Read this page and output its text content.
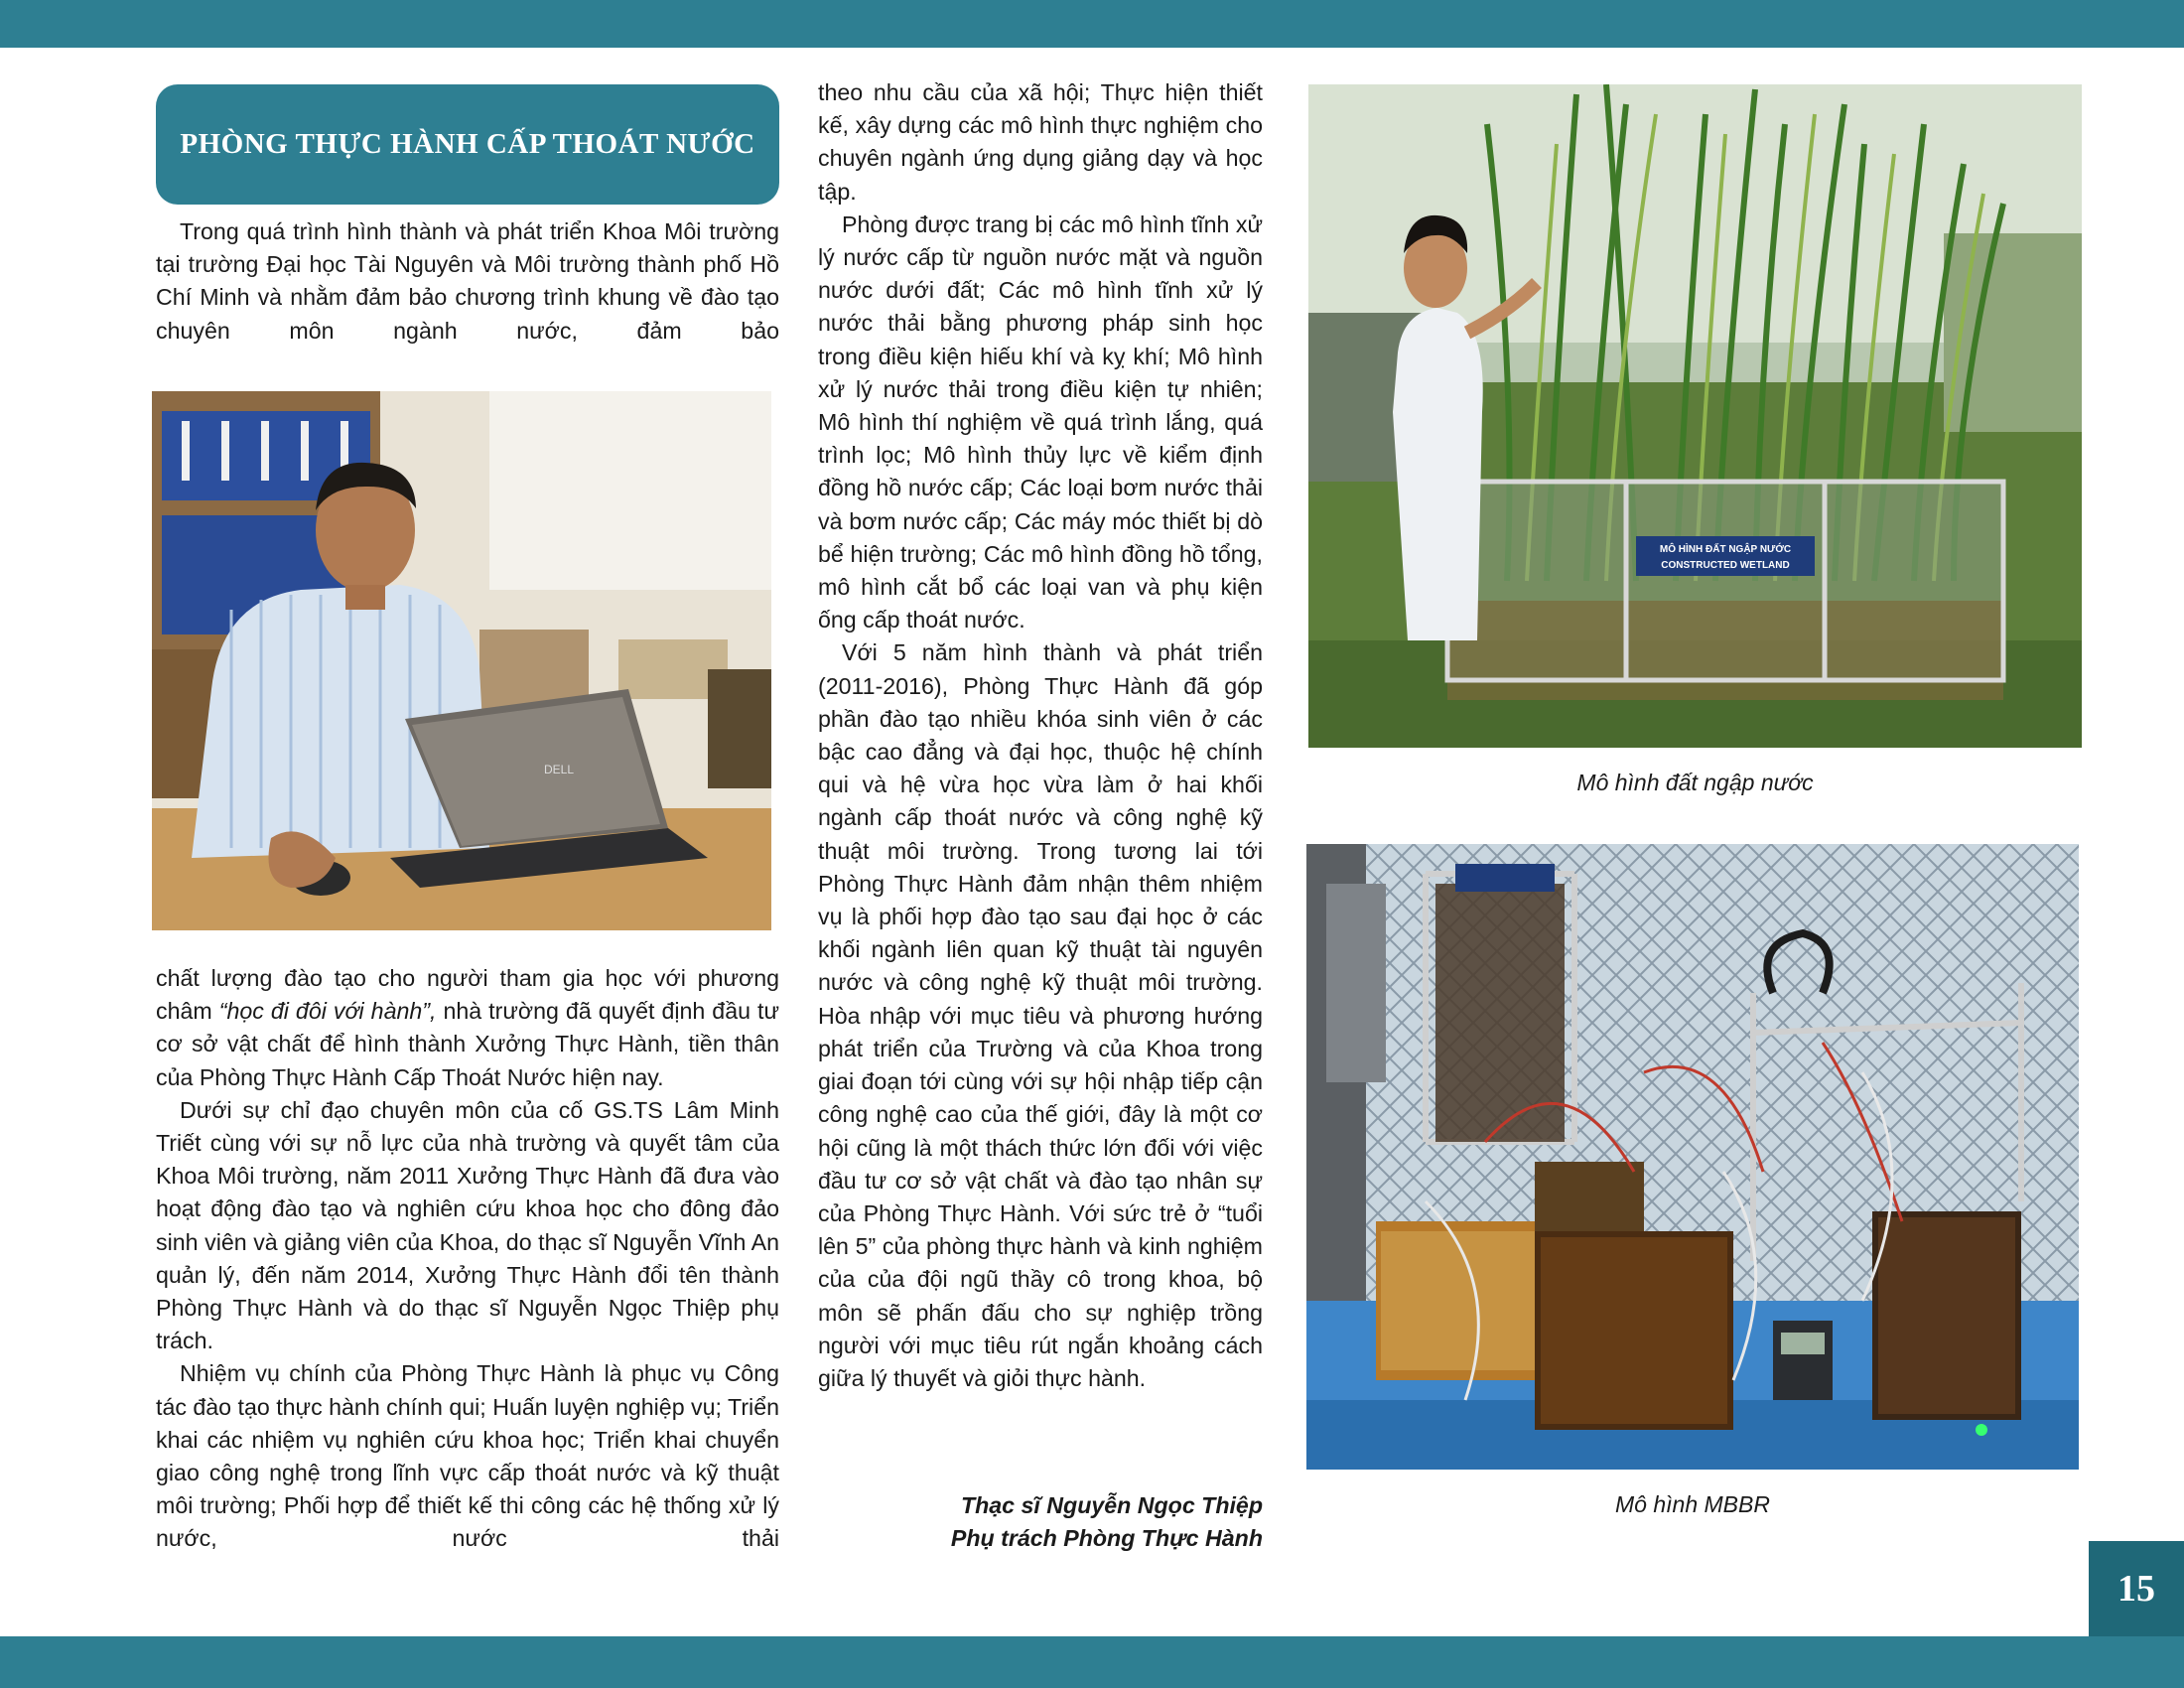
PHÒNG THỰC HÀNH CẤP THOÁT NƯỚC

Trong quá trình hình thành và phát triển Khoa Môi trường tại trường Đại học Tài Nguyên và Môi trường thành phố Hồ Chí Minh và nhằm đảm bảo chương trình khung về đào tạo chuyên môn ngành nước, đảm bảo

DELL

chất lượng đào tạo cho người tham gia học với phương châm “học đi đôi với hành”, nhà trường đã quyết định đầu tư cơ sở vật chất để hình thành Xưởng Thực Hành, tiền thân của Phòng Thực Hành Cấp Thoát Nước hiện nay.

Dưới sự chỉ đạo chuyên môn của cố GS.TS Lâm Minh Triết cùng với sự nỗ lực của nhà trường và quyết tâm của Khoa Môi trường, năm 2011 Xưởng Thực Hành đã đưa vào hoạt động đào tạo và nghiên cứu khoa học cho đông đảo sinh viên và giảng viên của Khoa, do thạc sĩ Nguyễn Vĩnh An quản lý, đến năm 2014, Xưởng Thực Hành đổi tên thành Phòng Thực Hành và do thạc sĩ Nguyễn Ngọc Thiệp phụ trách.

Nhiệm vụ chính của Phòng Thực Hành là phục vụ Công tác đào tạo thực hành chính qui; Huấn luyện nghiệp vụ; Triển khai các nhiệm vụ nghiên cứu khoa học; Triển khai chuyển giao công nghệ trong lĩnh vực cấp thoát nước và kỹ thuật môi trường; Phối hợp để thiết kế thi công các hệ thống xử lý nước, nước thải

theo nhu cầu của xã hội; Thực hiện thiết kế, xây dựng các mô hình thực nghiệm cho chuyên ngành ứng dụng giảng dạy và học tập.

Phòng được trang bị các mô hình tĩnh xử lý nước cấp từ nguồn nước mặt và nguồn nước dưới đất; Các mô hình tĩnh xử lý nước thải bằng phương pháp sinh học trong điều kiện hiếu khí và kỵ khí; Mô hình xử lý nước thải trong điều kiện tự nhiên; Mô hình thí nghiệm về quá trình lắng, quá trình lọc; Mô hình thủy lực về kiểm định đồng hồ nước cấp; Các loại bơm nước thải và bơm nước cấp; Các máy móc thiết bị dò bể hiện trường; Các mô hình đồng hồ tổng, mô hình cắt bổ các loại van và phụ kiện ống cấp thoát nước.

Với 5 năm hình thành và phát triển (2011-2016), Phòng Thực Hành đã góp phần đào tạo nhiều khóa sinh viên ở các bậc cao đẳng và đại học, thuộc hệ chính qui và hệ vừa học vừa làm ở hai khối ngành cấp thoát nước và công nghệ kỹ thuật môi trường. Trong tương lai tới Phòng Thực Hành đảm nhận thêm nhiệm vụ là phối hợp đào tạo sau đại học ở các khối ngành liên quan kỹ thuật tài nguyên nước và công nghệ kỹ thuật môi trường. Hòa nhập với mục tiêu và phương hướng phát triển của Trường và của Khoa trong giai đoạn tới cùng với sự hội nhập tiếp cận công nghệ cao của thế giới, đây là một cơ hội cũng là một thách thức lớn đối với việc đầu tư cơ sở vật chất và đào tạo nhân sự của Phòng Thực Hành. Với sức trẻ ở “tuổi lên 5” của phòng thực hành và kinh nghiệm của của đội ngũ thầy cô trong khoa, bộ môn sẽ phấn đấu cho sự nghiệp trồng người với mục tiêu rút ngắn khoảng cách giữa lý thuyết và giỏi thực hành.

Thạc sĩ Nguyễn Ngọc Thiệp
Phụ trách Phòng Thực Hành
MÔ HÌNH ĐẤT NGẬP NƯỚC
CONSTRUCTED WETLAND
Mô hình đất ngập nước
Mô hình MBBR
15
